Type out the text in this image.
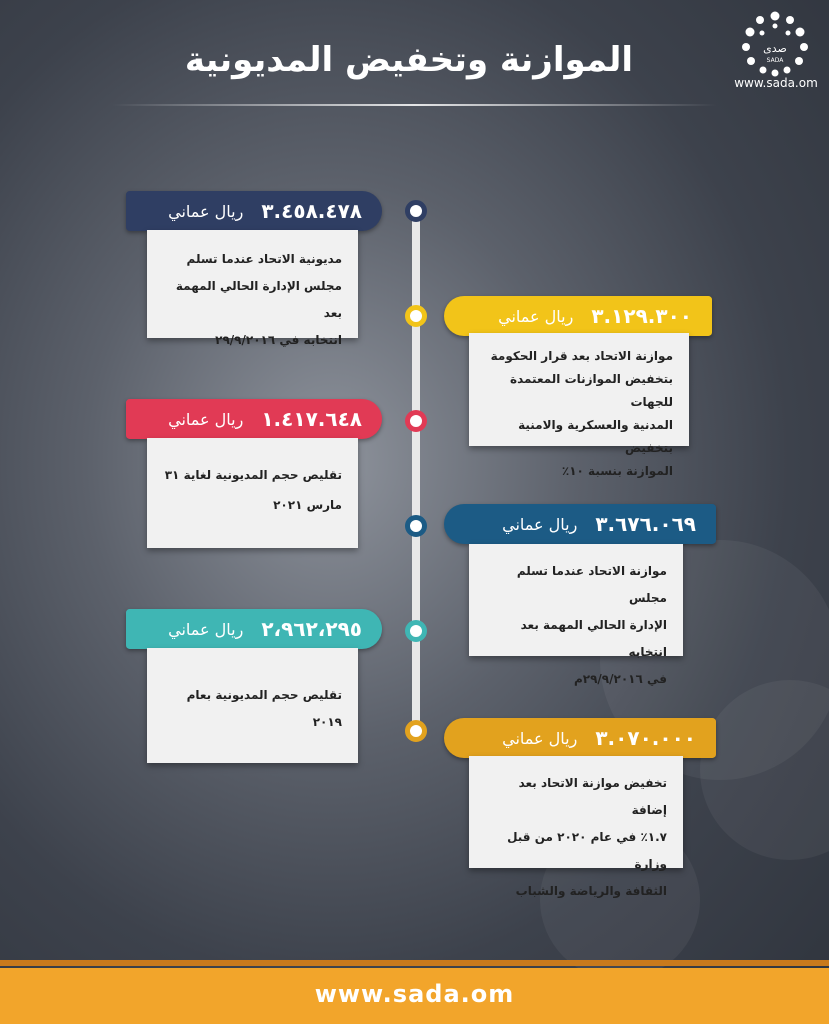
الموازنة وتخفيض المديونية	صدى
SADA
www.sada.om
٣.٤٥٨.٤٧٨
ريال عماني
مديونية الاتحاد عندما تسلم
مجلس الإدارة الحالي المهمة بعد
انتخابه في ٢٩/٩/٢٠١٦
٣.١٢٩.٣٠٠
ريال عماني
موازنة الاتحاد بعد قرار الحكومة
بتخفيض الموازنات المعتمدة للجهات
المدنية والعسكرية والامنية بتخفيض
الموازنة بنسبة ١٠٪
١.٤١٧.٦٤٨
ريال عماني
تقليص حجم المديونية لغاية ٣١
مارس ٢٠٢١
٣.٦٧٦.٠٦٩
ريال عماني
موازنة الاتحاد عندما تسلم مجلس
الإدارة الحالي المهمة بعد انتخابه
في ٢٩/٩/٢٠١٦م
٢،٩٦٢،٢٩٥
ريال عماني
تقليص حجم المديونية بعام ٢٠١٩
٣.٠٧٠.٠٠٠
ريال عماني
تخفيض موازنة الاتحاد بعد إضافة
١.٧٪ في عام ٢٠٢٠ من قبل وزارة
الثقافة والرياضة والشباب
www.sada.om
